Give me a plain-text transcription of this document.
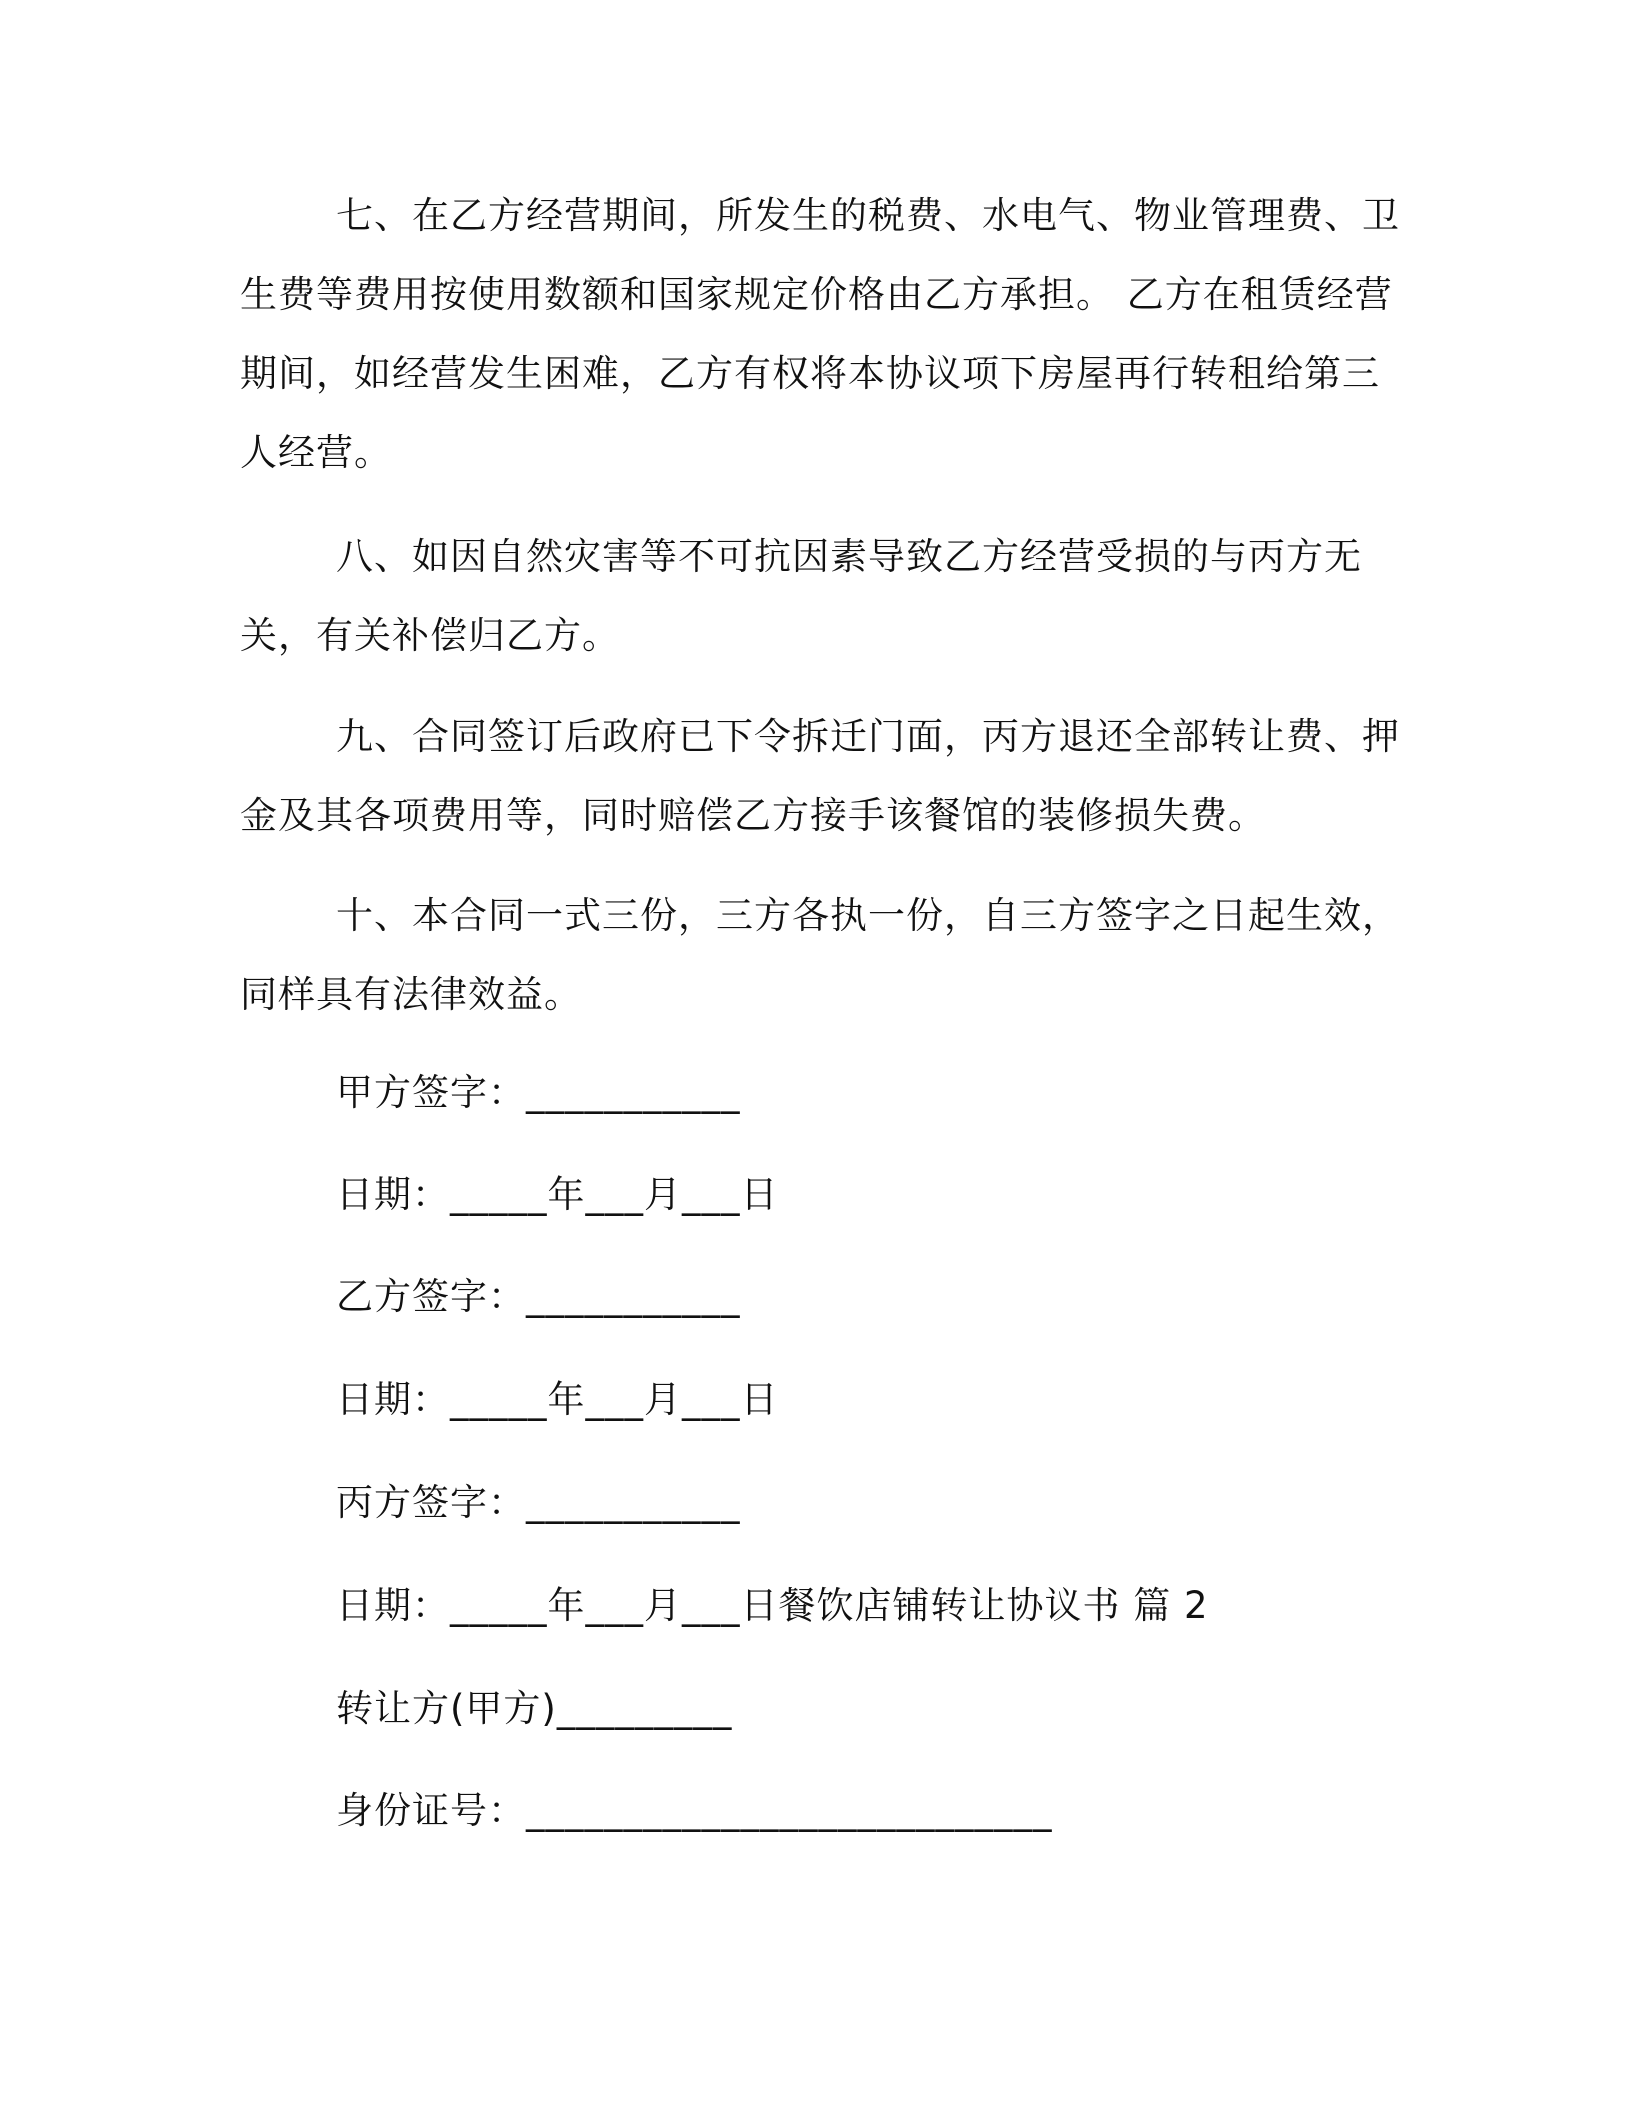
七、在乙方经营期间，所发生的税费、水电气、物业管理费、卫生费等费用按使用数额和国家规定价格由乙方承担。 乙方在租赁经营期间，如经营发生困难，乙方有权将本协议项下房屋再行转租给第三人经营。
八、如因自然灾害等不可抗因素导致乙方经营受损的与丙方无关，有关补偿归乙方。
九、合同签订后政府已下令拆迁门面，丙方退还全部转让费、押金及其各项费用等，同时赔偿乙方接手该餐馆的装修损失费。
十、本合同一式三份，三方各执一份，自三方签字之日起生效，同样具有法律效益。
甲方签字：___________
日期：_____年___月___日
乙方签字：___________
日期：_____年___月___日
丙方签字：___________
日期：_____年___月___日餐饮店铺转让协议书 篇 2
转让方(甲方)_________
身份证号：___________________________
